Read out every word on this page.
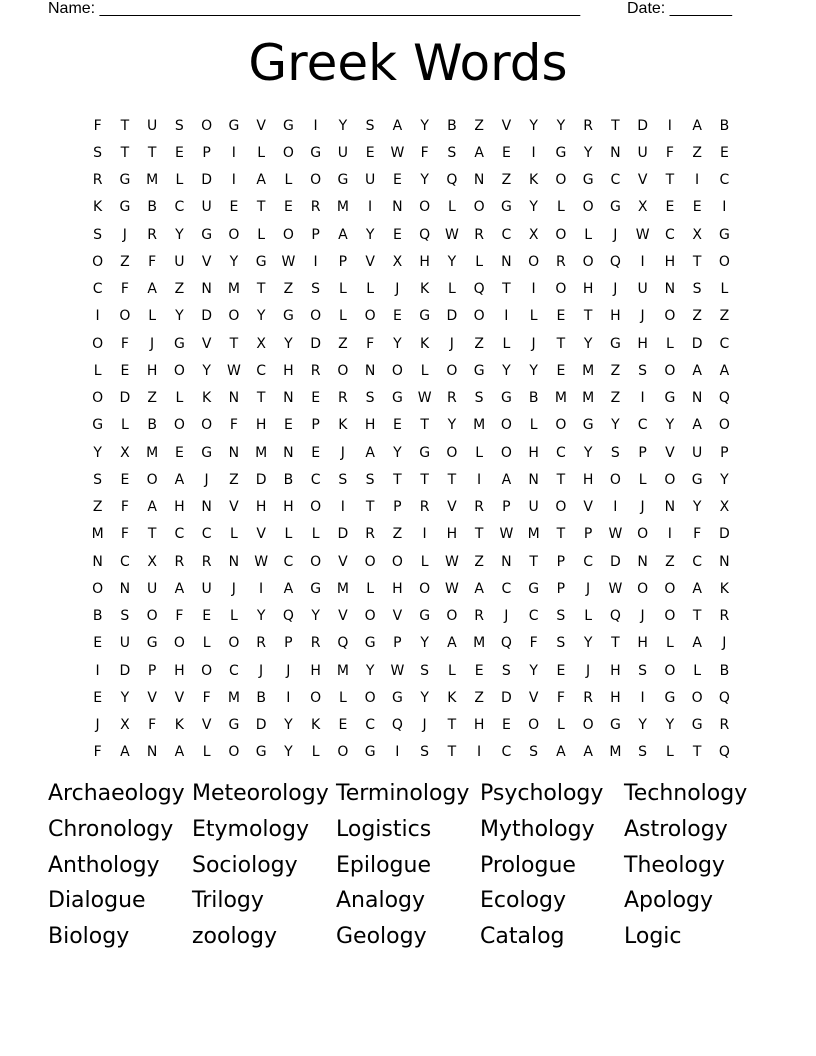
Name: ______________________________________________________	Date: _______
Greek Words
F	T	U	S	O	G	V	G	I	Y	S	A	Y	B	Z	V	Y	Y	R	T	D	I	A	B
S	T	T	E	P	I	L	O	G	U	E	W	F	S	A	E	I	G	Y	N	U	F	Z	E
R	G	M	L	D	I	A	L	O	G	U	E	Y	Q	N	Z	K	O	G	C	V	T	I	C
K	G	B	C	U	E	T	E	R	M	I	N	O	L	O	G	Y	L	O	G	X	E	E	I
S	J	R	Y	G	O	L	O	P	A	Y	E	Q	W	R	C	X	O	L	J	W	C	X	G
O	Z	F	U	V	Y	G	W	I	P	V	X	H	Y	L	N	O	R	O	Q	I	H	T	O
C	F	A	Z	N	M	T	Z	S	L	L	J	K	L	Q	T	I	O	H	J	U	N	S	L
I	O	L	Y	D	O	Y	G	O	L	O	E	G	D	O	I	L	E	T	H	J	O	Z	Z
O	F	J	G	V	T	X	Y	D	Z	F	Y	K	J	Z	L	J	T	Y	G	H	L	D	C
L	E	H	O	Y	W	C	H	R	O	N	O	L	O	G	Y	Y	E	M	Z	S	O	A	A
O	D	Z	L	K	N	T	N	E	R	S	G	W	R	S	G	B	M	M	Z	I	G	N	Q
G	L	B	O	O	F	H	E	P	K	H	E	T	Y	M	O	L	O	G	Y	C	Y	A	O
Y	X	M	E	G	N	M	N	E	J	A	Y	G	O	L	O	H	C	Y	S	P	V	U	P
S	E	O	A	J	Z	D	B	C	S	S	T	T	T	I	A	N	T	H	O	L	O	G	Y
Z	F	A	H	N	V	H	H	O	I	T	P	R	V	R	P	U	O	V	I	J	N	Y	X
M	F	T	C	C	L	V	L	L	D	R	Z	I	H	T	W	M	T	P	W	O	I	F	D
N	C	X	R	R	N	W	C	O	V	O	O	L	W	Z	N	T	P	C	D	N	Z	C	N
O	N	U	A	U	J	I	A	G	M	L	H	O	W	A	C	G	P	J	W	O	O	A	K
B	S	O	F	E	L	Y	Q	Y	V	O	V	G	O	R	J	C	S	L	Q	J	O	T	R
E	U	G	O	L	O	R	P	R	Q	G	P	Y	A	M	Q	F	S	Y	T	H	L	A	J
I	D	P	H	O	C	J	J	H	M	Y	W	S	L	E	S	Y	E	J	H	S	O	L	B
E	Y	V	V	F	M	B	I	O	L	O	G	Y	K	Z	D	V	F	R	H	I	G	O	Q
J	X	F	K	V	G	D	Y	K	E	C	Q	J	T	H	E	O	L	O	G	Y	Y	G	R
F	A	N	A	L	O	G	Y	L	O	G	I	S	T	I	C	S	A	A	M	S	L	T	Q
Archaeology Meteorology Terminology Psychology Technology
Chronology Etymology	Logistics	Mythology	Astrology
Anthology	Sociology	Epilogue	Prologue	Theology
Dialogue	Trilogy	Analogy	Ecology	Apology
Biology	zoology	Geology	Catalog	Logic
